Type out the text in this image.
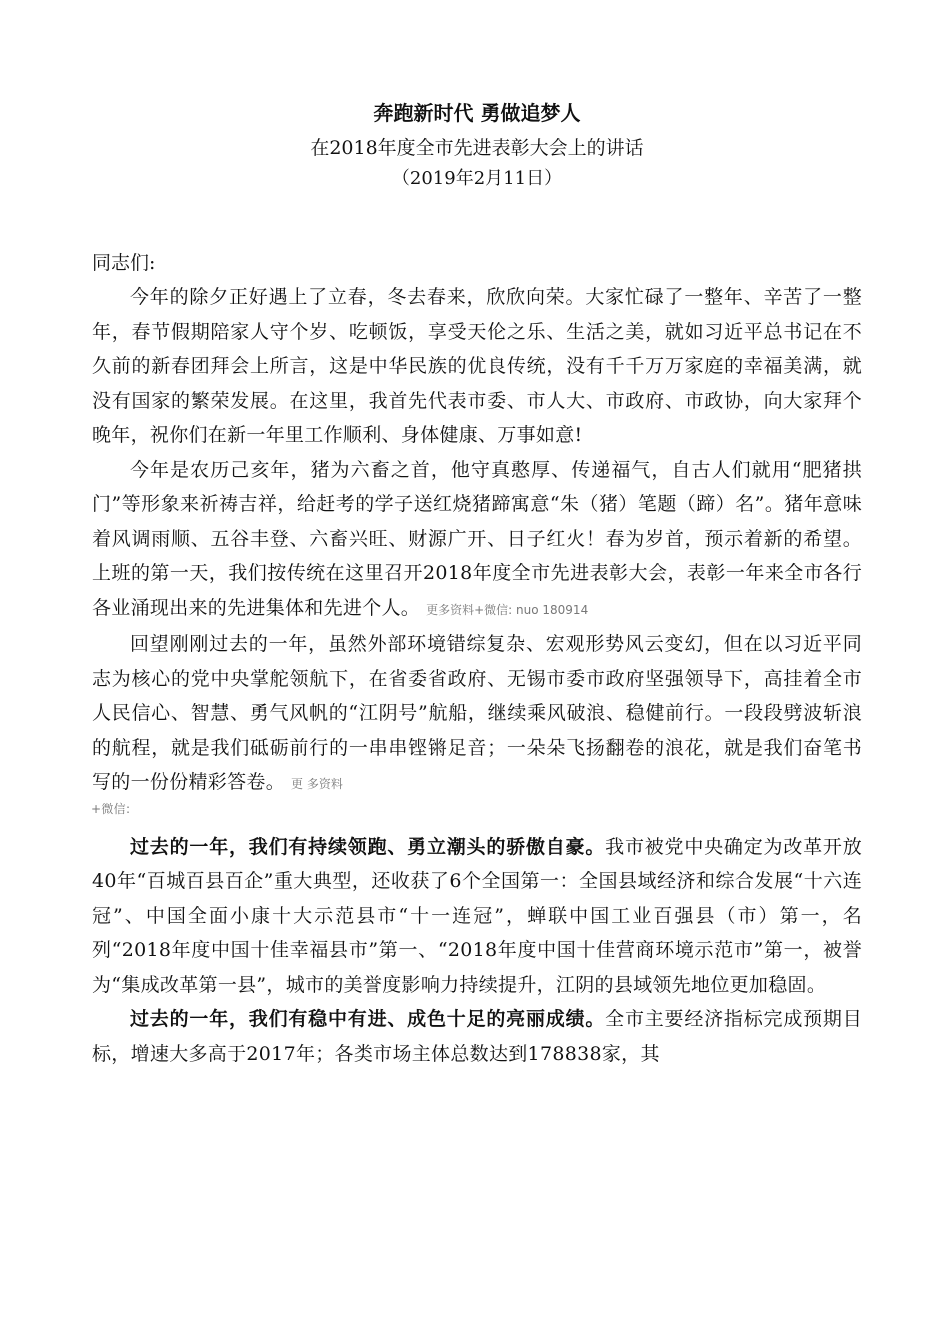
奔跑新时代 勇做追梦人
在2018年度全市先进表彰大会上的讲话
（2019年2月11日）

同志们:

今年的除夕正好遇上了立春，冬去春来，欣欣向荣。大家忙碌了一整年、辛苦了一整年，春节假期陪家人守个岁、吃顿饭，享受天伦之乐、生活之美，就如习近平总书记在不久前的新春团拜会上所言，这是中华民族的优良传统，没有千千万万家庭的幸福美满，就没有国家的繁荣发展。在这里，我首先代表市委、市人大、市政府、市政协，向大家拜个晚年，祝你们在新一年里工作顺利、身体健康、万事如意!

今年是农历己亥年，猪为六畜之首，他守真憨厚、传递福气，自古人们就用“肥猪拱门”等形象来祈祷吉祥，给赶考的学子送红烧猪蹄寓意“朱（猪）笔题（蹄）名”。猪年意味着风调雨顺、五谷丰登、六畜兴旺、财源广开、日子红火！春为岁首，预示着新的希望。上班的第一天，我们按传统在这里召开2018年度全市先进表彰大会，表彰一年来全市各行各业涌现出来的先进集体和先进个人。 更多资料+微信: nuo 180914

回望刚刚过去的一年，虽然外部环境错综复杂、宏观形势风云变幻，但在以习近平同志为核心的党中央掌舵领航下，在省委省政府、无锡市委市政府坚强领导下，高挂着全市人民信心、智慧、勇气风帆的“江阴号”航船，继续乘风破浪、稳健前行。一段段劈波斩浪的航程，就是我们砥砺前行的一串串铿锵足音；一朵朵飞扬翻卷的浪花，就是我们奋笔书写的一份份精彩答卷。 更 多资料
+微信:

过去的一年，我们有持续领跑、勇立潮头的骄傲自豪。我市被党中央确定为改革开放40年“百城百县百企”重大典型，还收获了6个全国第一：全国县域经济和综合发展“十六连冠”、中国全面小康十大示范县市“十一连冠”，蝉联中国工业百强县（市）第一，名列“2018年度中国十佳幸福县市”第一、“2018年度中国十佳营商环境示范市”第一，被誉为“集成改革第一县”，城市的美誉度影响力持续提升，江阴的县域领先地位更加稳固。

过去的一年，我们有稳中有进、成色十足的亮丽成绩。全市主要经济指标完成预期目标，增速大多高于2017年；各类市场主体总数达到178838家，其
